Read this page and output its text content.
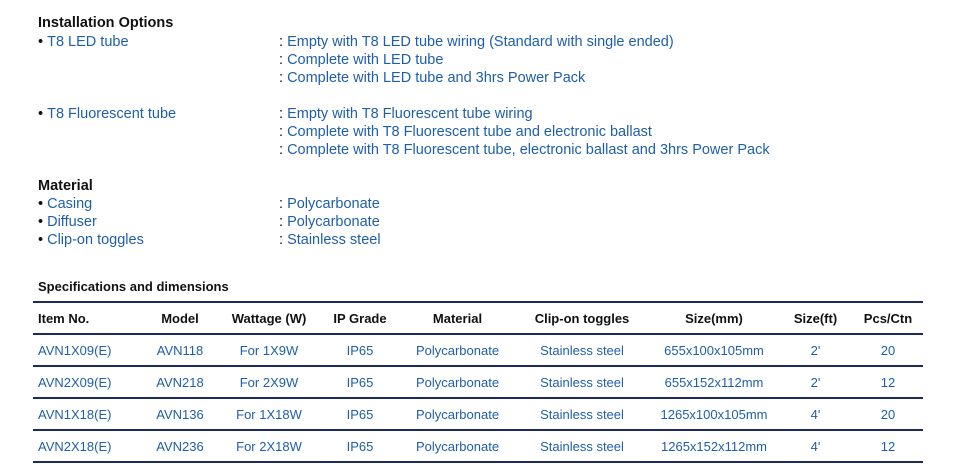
Installation Options
• T8 LED tube	: Empty with T8 LED tube wiring (Standard with single ended)
: Complete with LED tube
: Complete with LED tube and 3hrs Power Pack
• T8 Fluorescent tube	: Empty with T8 Fluorescent tube wiring
: Complete with T8 Fluorescent tube and electronic ballast
: Complete with T8 Fluorescent tube, electronic ballast and 3hrs Power Pack
Material
• Casing	: Polycarbonate
• Diffuser	: Polycarbonate
• Clip-on toggles	: Stainless steel
Specifications and dimensions
Item No.	Model	Wattage (W)	IP Grade	Material	Clip-on toggles	Size(mm)	Size(ft)	Pcs/Ctn
AVN1X09(E)	AVN118	For 1X9W	IP65	Polycarbonate	Stainless steel	655x100x105mm	2'	20
AVN2X09(E)	AVN218	For 2X9W	IP65	Polycarbonate	Stainless steel	655x152x112mm	2'	12
AVN1X18(E)	AVN136	For 1X18W	IP65	Polycarbonate	Stainless steel	1265x100x105mm	4'	20
AVN2X18(E)	AVN236	For 2X18W	IP65	Polycarbonate	Stainless steel	1265x152x112mm	4'	12
